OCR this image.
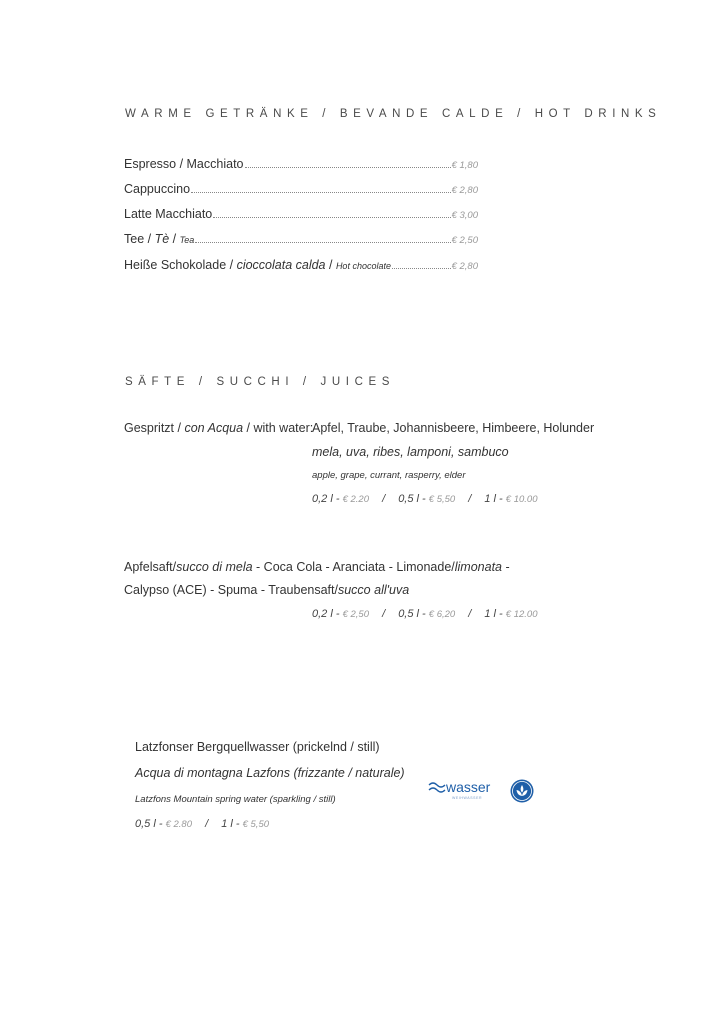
WARME GETRÄNKE / BEVANDE CALDE / HOT DRINKS
Espresso / Macchiato	€ 1,80
Cappuccino	€ 2,80
Latte Macchiato	€ 3,00
Tee / Tè / Tea	€ 2,50
Heiße Schokolade / cioccolata calda / Hot chocolate	€ 2,80
SÄFTE / SUCCHI / JUICES
Gespritzt / con Acqua / with water:
Apfel, Traube, Johannisbeere, Himbeere, Holunder
mela, uva, ribes, lamponi, sambuco
apple, grape, currant, rasperry, elder
0,2 l - € 2.20 / 0,5 l - € 5,50 / 1 l - € 10.00
Apfelsaft/succo di mela - Coca Cola - Aranciata - Limonade/limonata -
Calypso (ACE) - Spuma - Traubensaft/succo all'uva
0,2 l - € 2,50 / 0,5 l - € 6,20 / 1 l - € 12.00
Latzfonser Bergquellwasser (prickelnd / still)
Acqua di montagna Lazfons (frizzante / naturale)
Latzfons Mountain spring water (sparkling / still)
0,5 l - € 2.80 / 1 l - € 5,50
wasser
WEIHWASSER
